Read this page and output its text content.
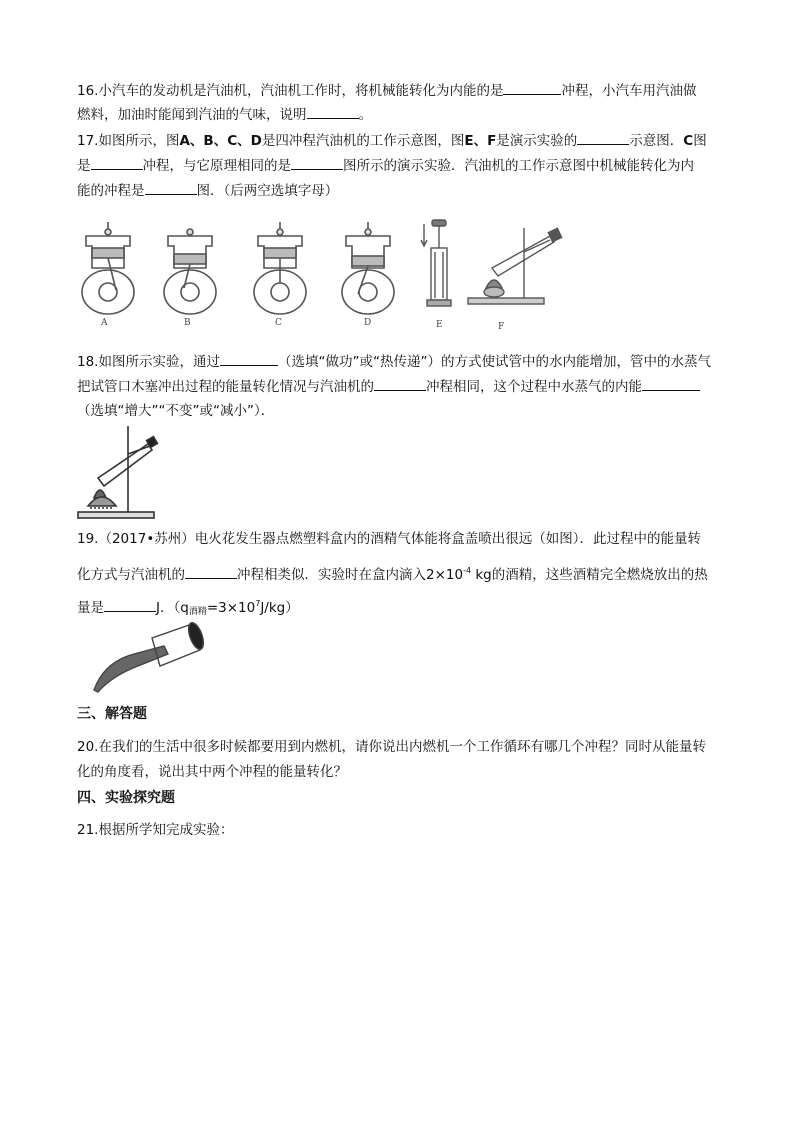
16.小汽车的发动机是汽油机，汽油机工作时，将机械能转化为内能的是	冲程，小汽车用汽油做
燃料，加油时能闻到汽油的气味，说明	。
17.如图所示，图A、B、C、D是四冲程汽油机的工作示意图，图E、F是演示实验的	示意图．C图
是	冲程，与它原理相同的是	图所示的演示实验．汽油机的工作示意图中机械能转化为内
能的冲程是	图．（后两空选填字母）
A	B	C	D	E	F
18.如图所示实验，通过	（选填“做功”或“热传递”）的方式使试管中的水内能增加，管中的水蒸气
把试管口木塞冲出过程的能量转化情况与汽油机的	冲程相同，这个过程中水蒸气的内能
（选填“增大”“不变”或“减小”）．
19.（2017•苏州）电火花发生器点燃塑料盒内的酒精气体能将盒盖喷出很远（如图）．此过程中的能量转
化方式与汽油机的	冲程相类似．实验时在盒内滴入$2\times 10^{-4}$ kg的酒精，这些酒精完全燃烧放出的热
量是	J．$(q_{酒精}=3\times 10^7J/kg)$
三、解答题
20.在我们的生活中很多时候都要用到内燃机，请你说出内燃机一个工作循环有哪几个冲程？同时从能量转
化的角度看，说出其中两个冲程的能量转化？
四、实验探究题
21.根据所学知完成实验：
